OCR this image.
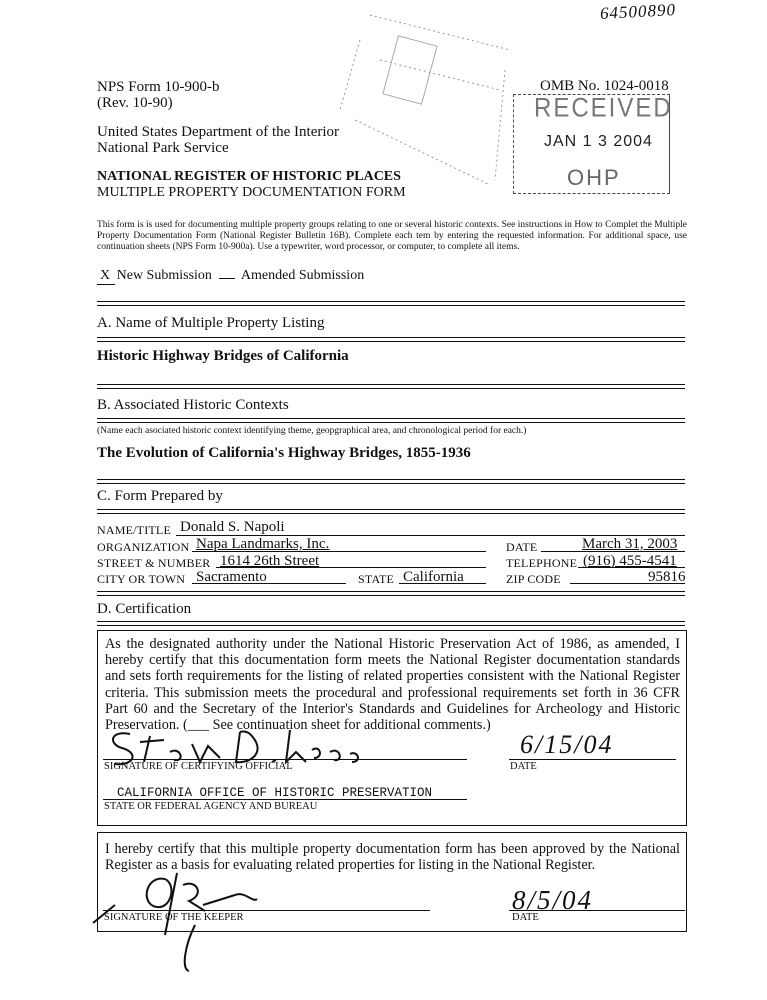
64500890
NPS Form 10-900-b
(Rev. 10-90)
United States Department of the Interior
National Park Service
NATIONAL REGISTER OF HISTORIC PLACES
MULTIPLE PROPERTY DOCUMENTATION FORM
OMB No. 1024-0018
RECEIVED
JAN 1 3 2004
OHP
This form is is used for documenting multiple property groups relating to one or several historic contexts. See instructions in How to Complet the Multiple Property Documentation Form (National Register Bulletin 16B). Complete each tem by entering the requested information. For additional space, use continuation sheets (NPS Form 10-900a). Use a typewriter, word processor, or computer, to complete all items.
X New Submission Amended Submission
A. Name of Multiple Property Listing
Historic Highway Bridges of California
B. Associated Historic Contexts
(Name each asociated historic context identifying theme, geopgraphical area, and chronological period for each.)
The Evolution of California's Highway Bridges, 1855-1936
C. Form Prepared by
NAME/TITLE Donald S. Napoli
ORGANIZATION Napa Landmarks, Inc.	DATE	March 31, 2003
STREET & NUMBER 1614 26th Street	TELEPHONE (916) 455-4541
CITY OR TOWN Sacramento	STATE California	ZIP CODE	95816
D. Certification
As the designated authority under the National Historic Preservation Act of 1986, as amended, I hereby certify that this documentation form meets the National Register documentation standards and sets forth requirements for the listing of related properties consistent with the National Register criteria. This submission meets the procedural and professional requirements set forth in 36 CFR Part 60 and the Secretary of the Interior's Standards and Guidelines for Archeology and Historic Preservation. (___ See continuation sheet for additional comments.)
SIGNATURE OF CERTIFYING OFFICIAL
6/15/04
DATE
CALIFORNIA OFFICE OF HISTORIC PRESERVATION
STATE OR FEDERAL AGENCY AND BUREAU
I hereby certify that this multiple property documentation form has been approved by the National Register as a basis for evaluating related properties for listing in the National Register.
SIGNATURE OF THE KEEPER
8/5/04
DATE
